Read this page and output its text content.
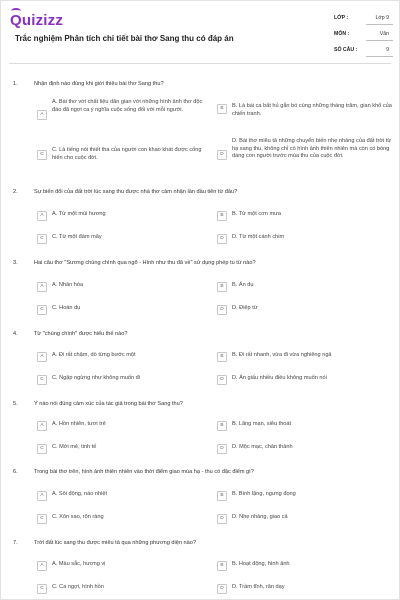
Quizizz
Trắc nghiệm Phân tích chi tiết bài thơ Sang thu có đáp án
LỚP :	Lớp 9
MÔN :	Văn
SỐ CÂU :	9
1.	Nhận định nào đúng khi giới thiệu bài thơ Sang thu?
A
A. Bài thơ với chất liệu dân gian với những hình ảnh thơ độc đáo đã ngợi ca ý nghĩa cuộc sống đối với mỗi người.	B	B. Là bài ca bất hủ gắn bó cùng những tháng trăm, gian khổ của chiến tranh.
C
C. Là tiếng nói thiết tha của người con khao khát được cống hiến cho cuộc đời.
D
D. Bài thơ miêu tả những chuyển biến nhẹ nhàng của đất trời từ hạ sang thu, không chỉ có hình ảnh thiên nhiên mà còn có bóng dáng con người trước mùa thu của cuộc đời.
2.	Sự biến đổi của đất trời lúc sang thu được nhà thơ cảm nhận lần đầu tiên từ đâu?
A	A. Từ một mùi hương	B	B. Từ một cơn mưa
C	C. Từ một đám mây	D	D. Từ một cánh chim
3.	Hai câu thơ "Sương chùng chình qua ngõ - Hình như thu đã về" sử dụng phép tu từ nào?
A	A. Nhân hóa	B	B. Ẩn dụ
C	C. Hoán dụ	D	D. Điệp từ
4.	Từ "chùng chình" được hiểu thế nào?
A	A. Đi rất chậm, dò từng bước một	B	B. Đi rất nhanh, vừa đi vừa nghiêng ngả
C	C. Ngập ngừng như không muốn đi	D	D. Ẩn giấu nhiều điều không muốn nói
5.	Ý nào nói đúng cảm xúc của tác giả trong bài thơ Sang thu?
A	A. Hồn nhiên, tươi trẻ	B	B. Lãng mạn, siêu thoát
C	C. Mới mẻ, tinh tế	D	D. Mộc mạc, chân thành
6.	Trong bài thơ trên, hình ảnh thiên nhiên vào thời điểm giao mùa hạ - thu có đặc điểm gì?
A	A. Sôi động, náo nhiệt	B	B. Bình lặng, ngưng đọng
C	C. Xôn xao, rộn ràng	D	D. Nhẹ nhàng, giao cả
7.	Trời đất lúc sang thu được miêu tả qua những phương diện nào?
A	A. Màu sắc, hương vị	B	B. Hoạt động, hình ảnh
C	C. Ca ngợi, hình hồn	D	D. Trầm tĩnh, rân dạy
